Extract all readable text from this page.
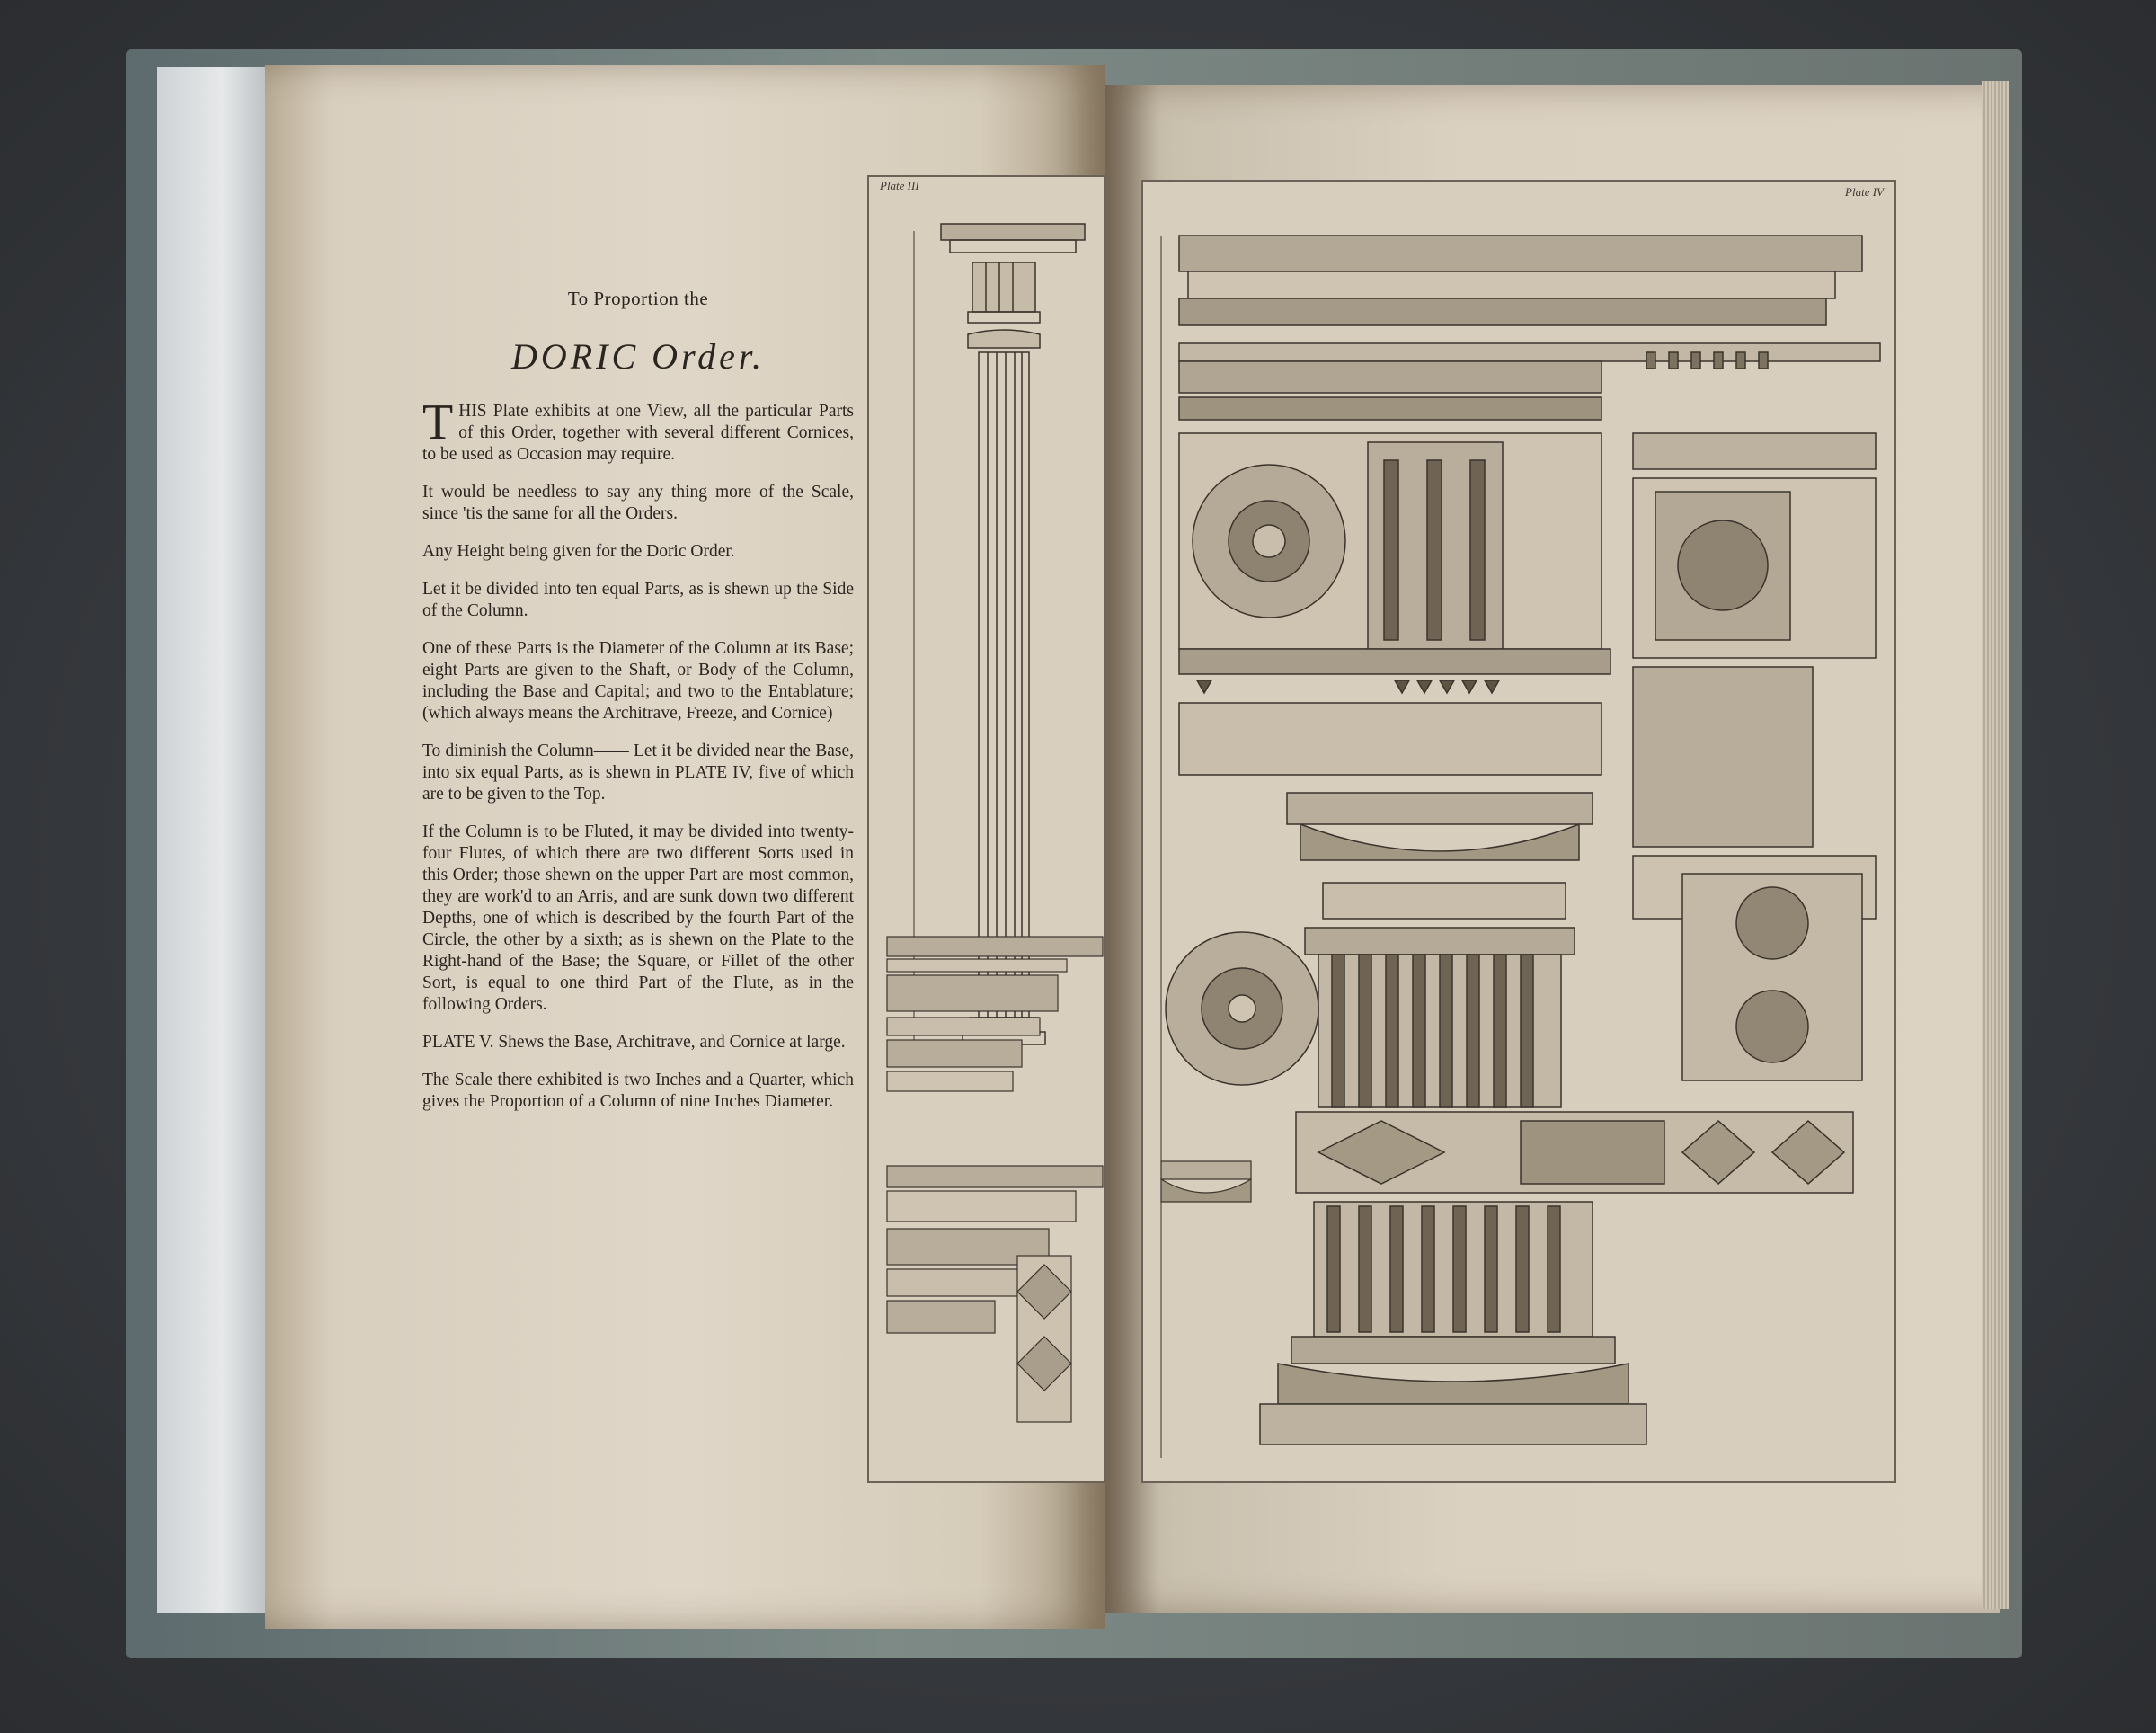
To Proportion the
DORIC Order.

THIS Plate exhibits at one View, all the particular Parts of this Order, together with several different Cornices, to be used as Occasion may require.

It would be needless to say any thing more of the Scale, since 'tis the same for all the Orders.

Any Height being given for the Doric Order.

Let it be divided into ten equal Parts, as is shewn up the Side of the Column.

One of these Parts is the Diameter of the Column at its Base; eight Parts are given to the Shaft, or Body of the Column, including the Base and Capital; and two to the Entablature; (which always means the Architrave, Freeze, and Cornice)

To diminish the Column—— Let it be divided near the Base, into six equal Parts, as is shewn in PLATE IV, five of which are to be given to the Top.

If the Column is to be Fluted, it may be divided into twenty-four Flutes, of which there are two different Sorts used in this Order; those shewn on the upper Part are most common, they are work'd to an Arris, and are sunk down two different Depths, one of which is described by the fourth Part of the Circle, the other by a sixth; as is shewn on the Plate to the Right-hand of the Base; the Square, or Fillet of the other Sort, is equal to one third Part of the Flute, as in the following Orders.

PLATE V. Shews the Base, Architrave, and Cornice at large.

The Scale there exhibited is two Inches and a Quarter, which gives the Proportion of a Column of nine Inches Diameter.

Plate III	Plate IV
